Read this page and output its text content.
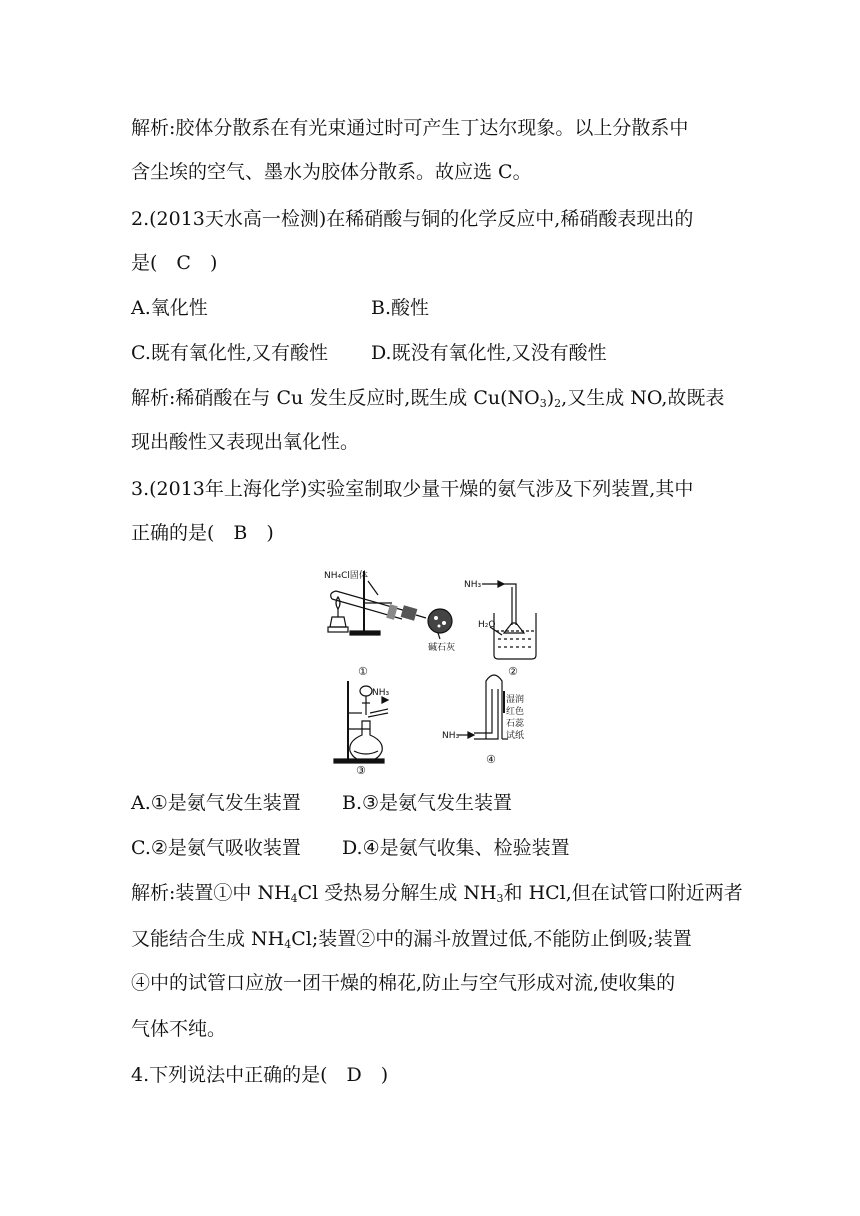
解析:胶体分散系在有光束通过时可产生丁达尔现象。以上分散系中
含尘埃的空气、墨水为胶体分散系。故应选 C。
2.(2013天水高一检测)在稀硝酸与铜的化学反应中,稀硝酸表现出的
是(　C　)
A.氧化性	B.酸性
C.既有氧化性,又有酸性 D.既没有氧化性,又没有酸性
解析:稀硝酸在与 Cu 发生反应时,既生成 $Cu(NO_3)_2$,又生成 NO,故既表
现出酸性又表现出氧化性。
3.(2013年上海化学)实验室制取少量干燥的氨气涉及下列装置,其中
正确的是(　B　)
NH₄Cl固体
碱石灰
①
NH₃
H₂O
②
NH₃
③
NH₃
湿润
红色
石蕊
试纸
④
A.①是氨气发生装置 B.③是氨气发生装置
C.②是氨气吸收装置 D.④是氨气收集、检验装置
解析:装置①中 $NH_4Cl$ 受热易分解生成 $NH_3$和 HCl,但在试管口附近两者
又能结合生成 $NH_4Cl$;装置②中的漏斗放置过低,不能防止倒吸;装置
④中的试管口应放一团干燥的棉花,防止与空气形成对流,使收集的
气体不纯。
4.下列说法中正确的是(　D　)
